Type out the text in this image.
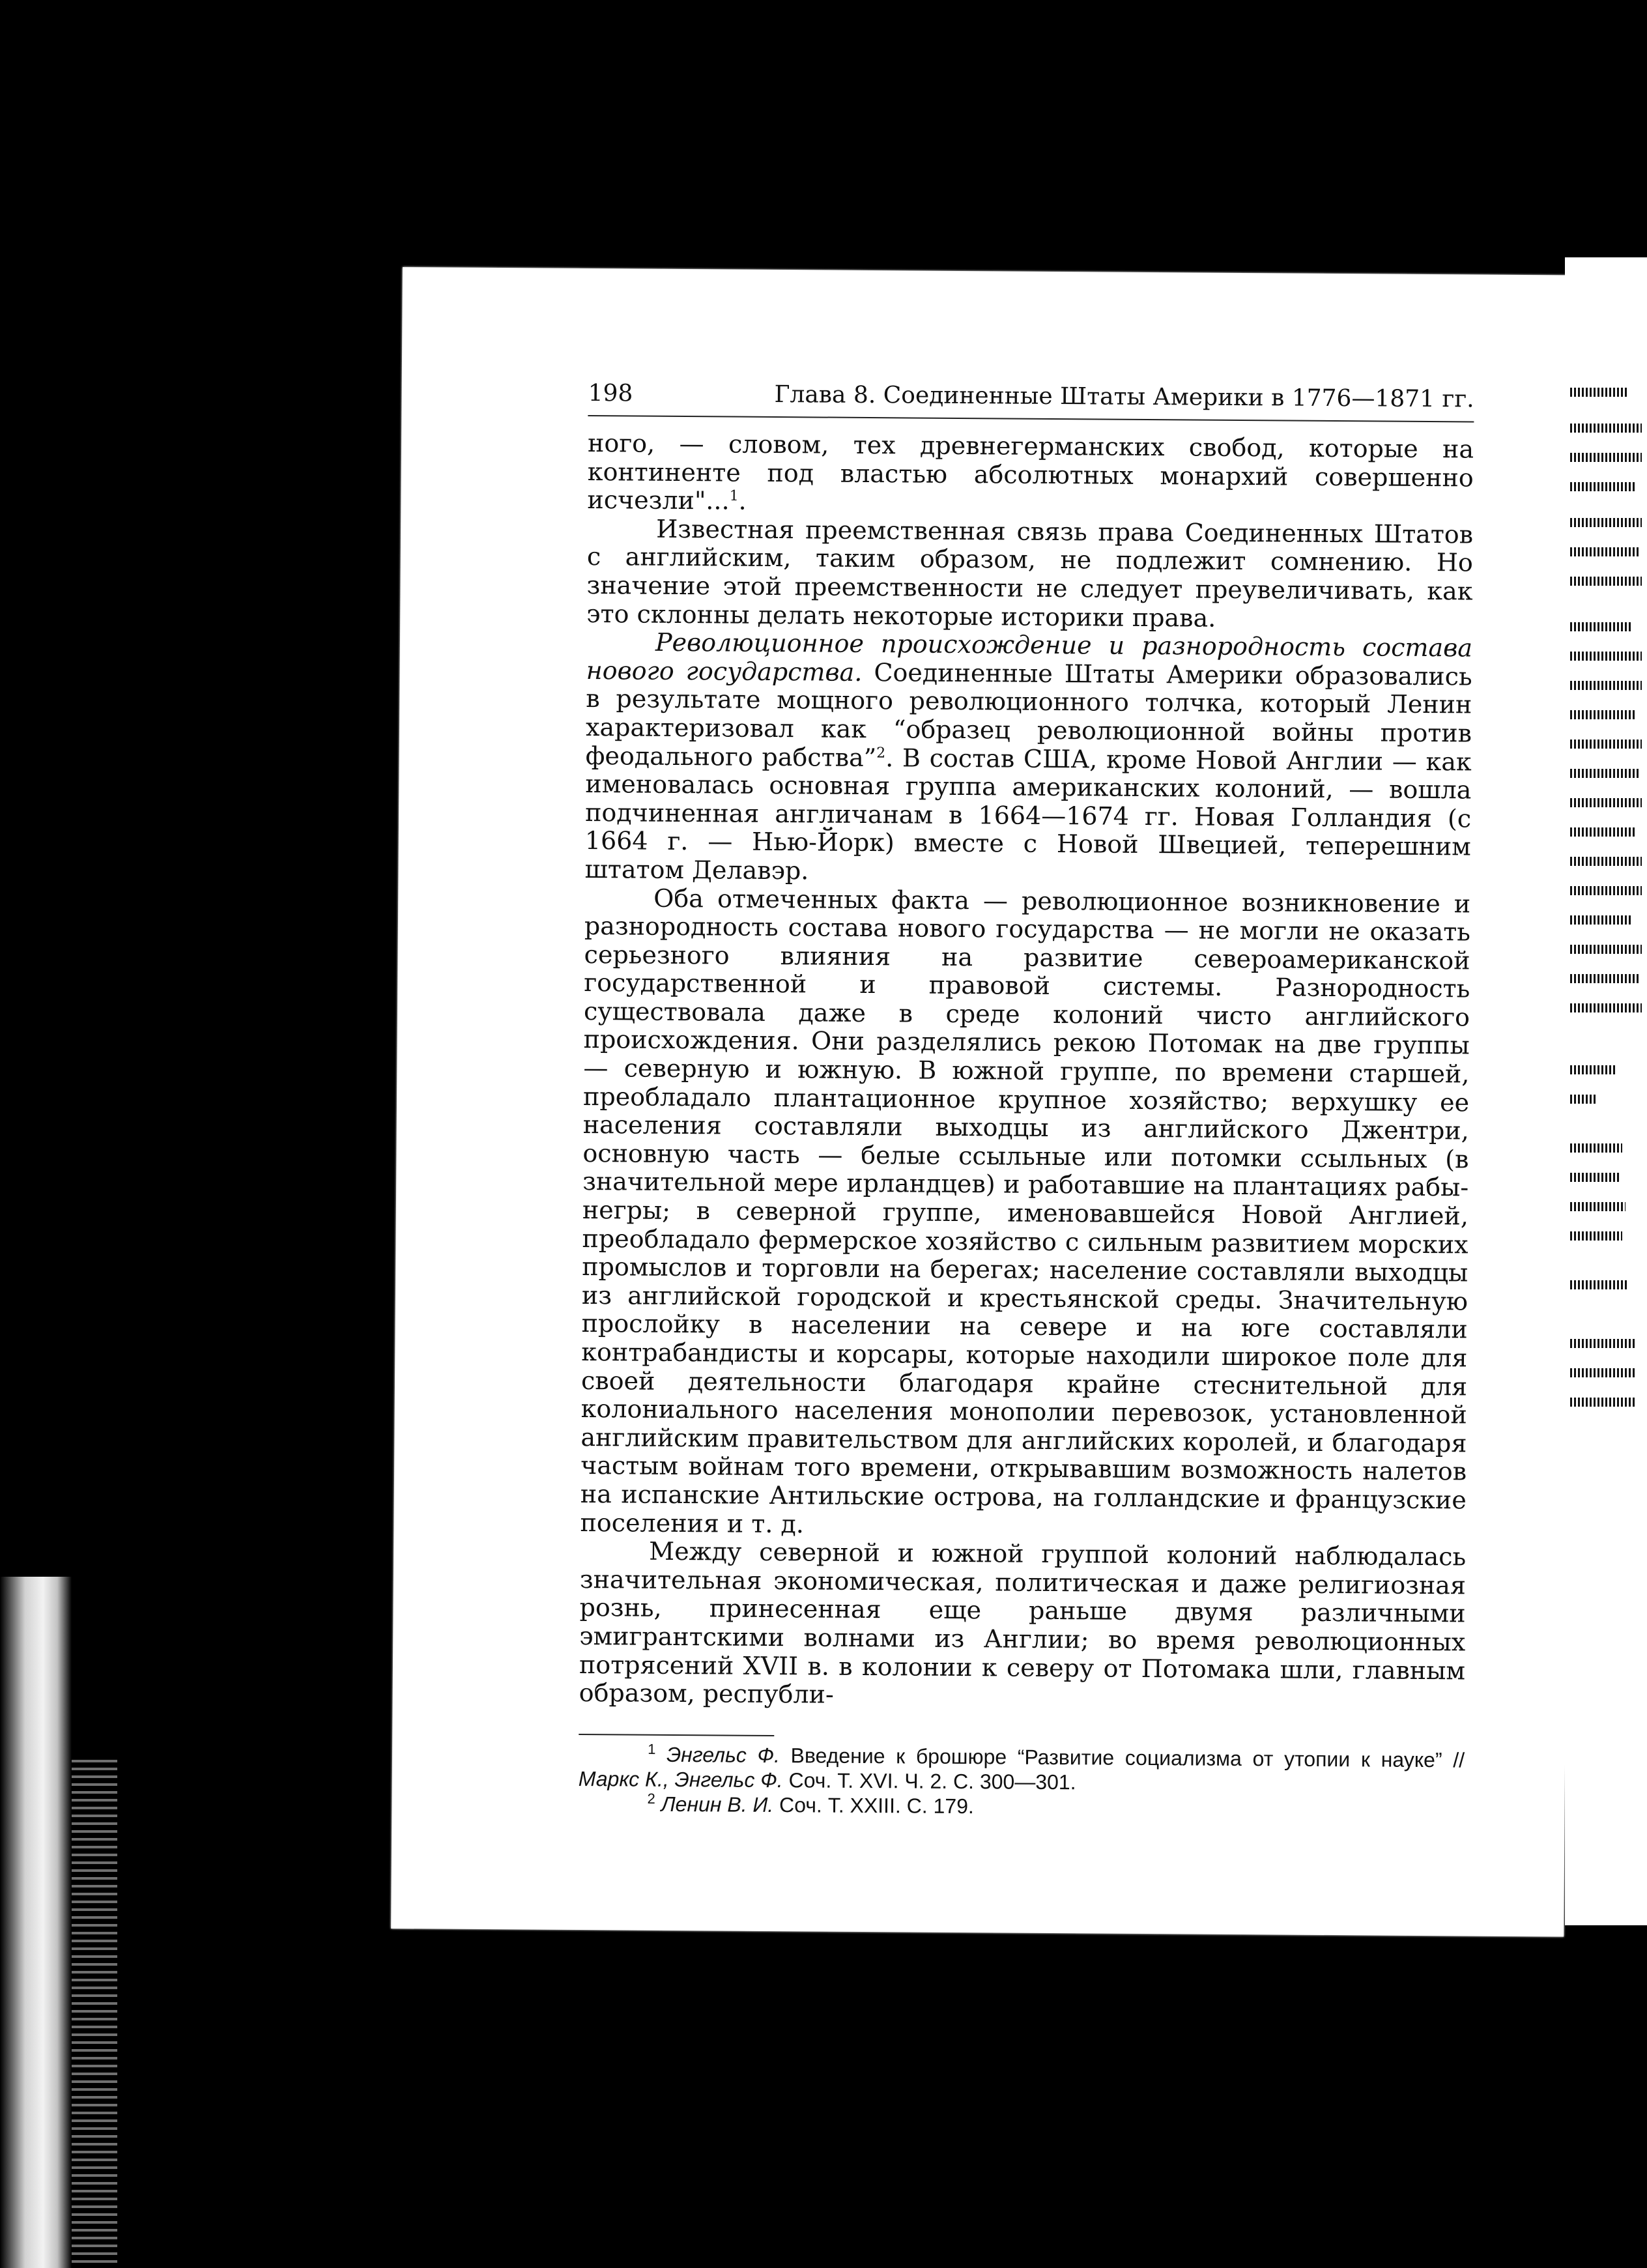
198	Глава 8. Соединенные Штаты Америки в 1776—1871 гг.

ного, — словом, тех древнегерманских свобод, которые на континенте под властью абсолютных монархий совершенно исчезли"...$^1$.

Известная преемственная связь права Соединенных Штатов с английским, таким образом, не подлежит сомнению. Но значение этой преемственности не следует преувеличивать, как это склонны делать некоторые историки права.

Революционное происхождение и разнородность состава нового государства. Соединенные Штаты Америки образовались в результате мощного революционного толчка, который Ленин характеризовал как “образец революционной войны против феодального рабства”$^2$. В состав США, кроме Новой Англии — как именовалась основная группа американских колоний, — вошла подчиненная англичанам в 1664—1674 гг. Новая Голландия (с 1664 г. — Нью-Йорк) вместе с Новой Швецией, теперешним штатом Делавэр.

Оба отмеченных факта — революционное возникновение и разнородность состава нового государства — не могли не оказать серьезного влияния на развитие североамериканской государственной и правовой системы. Разнородность существовала даже в среде колоний чисто английского происхождения. Они разделялись рекою Потомак на две группы — северную и южную. В южной группе, по времени старшей, преобладало плантационное крупное хозяйство; верхушку ее населения составляли выходцы из английского Джентри, основную часть — белые ссыльные или потомки ссыльных (в значительной мере ирландцев) и работавшие на плантациях рабы-негры; в северной группе, именовавшейся Новой Англией, преобладало фермерское хозяйство с сильным развитием морских промыслов и торговли на берегах; население составляли выходцы из английской городской и крестьянской среды. Значительную прослойку в населении на севере и на юге составляли контрабандисты и корсары, которые находили широкое поле для своей деятельности благодаря крайне стеснительной для колониального населения монополии перевозок, установленной английским правительством для английских королей, и благодаря частым войнам того времени, открывавшим возможность налетов на испанские Антильские острова, на голландские и французские поселения и т. д.

Между северной и южной группой колоний наблюдалась значительная экономическая, политическая и даже религиозная рознь, принесенная еще раньше двумя различными эмигрантскими волнами из Англии; во время революционных потрясений XVII в. в колонии к северу от Потомака шли, главным образом, республи-

$^1$ Энгельс Ф. Введение к брошюре “Развитие социализма от утопии к науке” // Маркс К., Энгельс Ф. Соч. Т. XVI. Ч. 2. С. 300—301.

$^2$ Ленин В. И. Соч. Т. XXIII. С. 179.
